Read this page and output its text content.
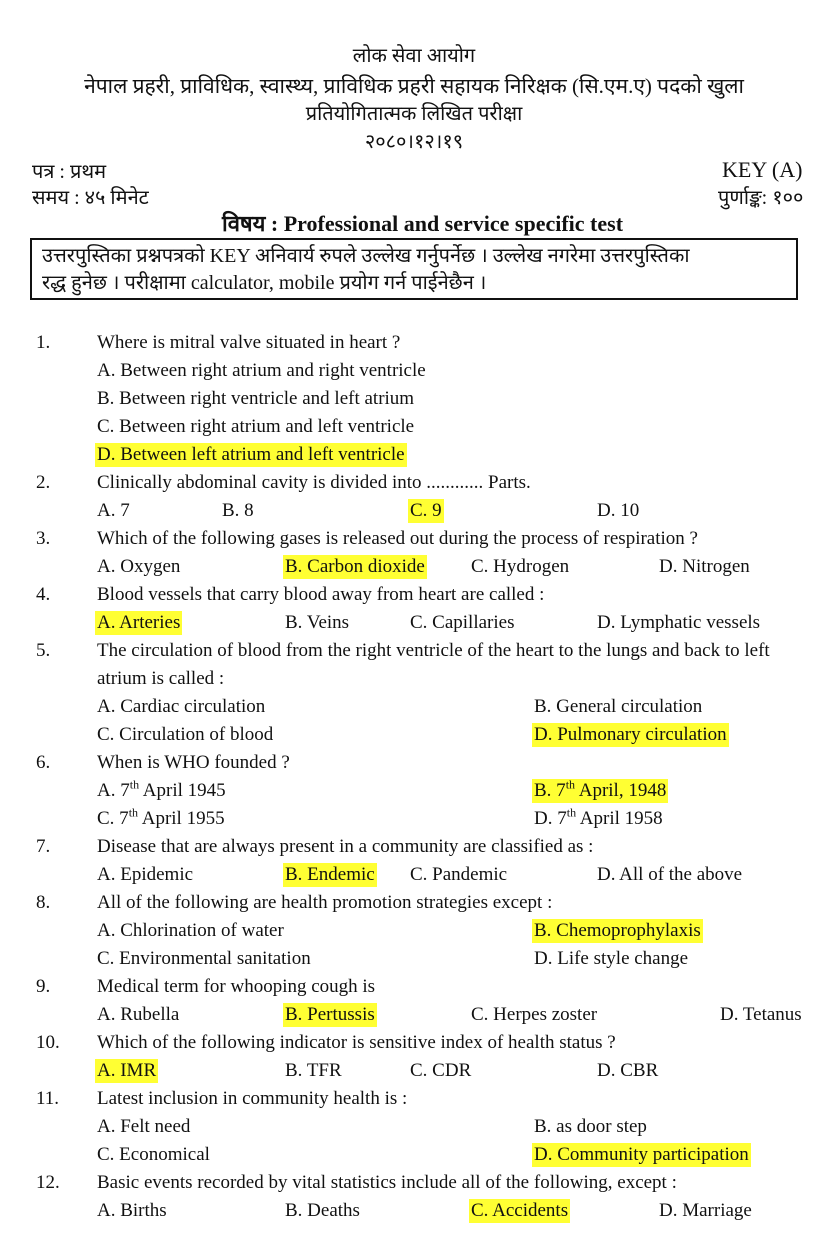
लोक सेवा आयोग
नेपाल प्रहरी, प्राविधिक, स्वास्थ्य, प्राविधिक प्रहरी सहायक निरिक्षक (सि.एम.ए) पदको खुला
प्रतियोगितात्मक लिखित परीक्षा
२०८०।१२।१९
पत्र : प्रथम
समय : ४५ मिनेट
KEY (A)
पुर्णाङ्क: १००
विषय : Professional and service specific test
उत्तरपुस्तिका प्रश्नपत्रको KEY अनिवार्य रुपले उल्लेख गर्नुपर्नेछ । उल्लेख नगरेमा उत्तरपुस्तिका
रद्ध हुनेछ । परीक्षामा calculator, mobile प्रयोग गर्न पाईनेछैन ।
1. Where is mitral valve situated in heart ?
A. Between right atrium and right ventricle
B. Between right ventricle and left atrium
C. Between right atrium and left ventricle
D. Between left atrium and left ventricle
2. Clinically abdominal cavity is divided into ............ Parts.
A. 7	B. 8	C. 9	D. 10
3. Which of the following gases is released out during the process of respiration ?
A. Oxygen	B. Carbon dioxide C. Hydrogen	D. Nitrogen
4. Blood vessels that carry blood away from heart are called :
A. Arteries	B. Veins	C. Capillaries	D. Lymphatic vessels
5. The circulation of blood from the right ventricle of the heart to the lungs and back to left atrium is called :
A. Cardiac circulation	B. General circulation
C. Circulation of blood	D. Pulmonary circulation
6. When is WHO founded ?
A. 7th April 1945	B. 7th April, 1948
C. 7th April 1955	D. 7th April 1958
7. Disease that are always present in a community are classified as :
A. Epidemic	B. Endemic C. Pandemic	D. All of the above
8. All of the following are health promotion strategies except :
A. Chlorination of water	B. Chemoprophylaxis
C. Environmental sanitation	D. Life style change
9. Medical term for whooping cough is
A. Rubella	B. Pertussis	C. Herpes zoster	D. Tetanus
10. Which of the following indicator is sensitive index of health status ?
A. IMR	B. TFR	C. CDR	D. CBR
11. Latest inclusion in community health is :
A. Felt need	B. as door step
C. Economical	D. Community participation
12. Basic events recorded by vital statistics include all of the following, except :
A. Births	B. Deaths	C. Accidents	D. Marriage
